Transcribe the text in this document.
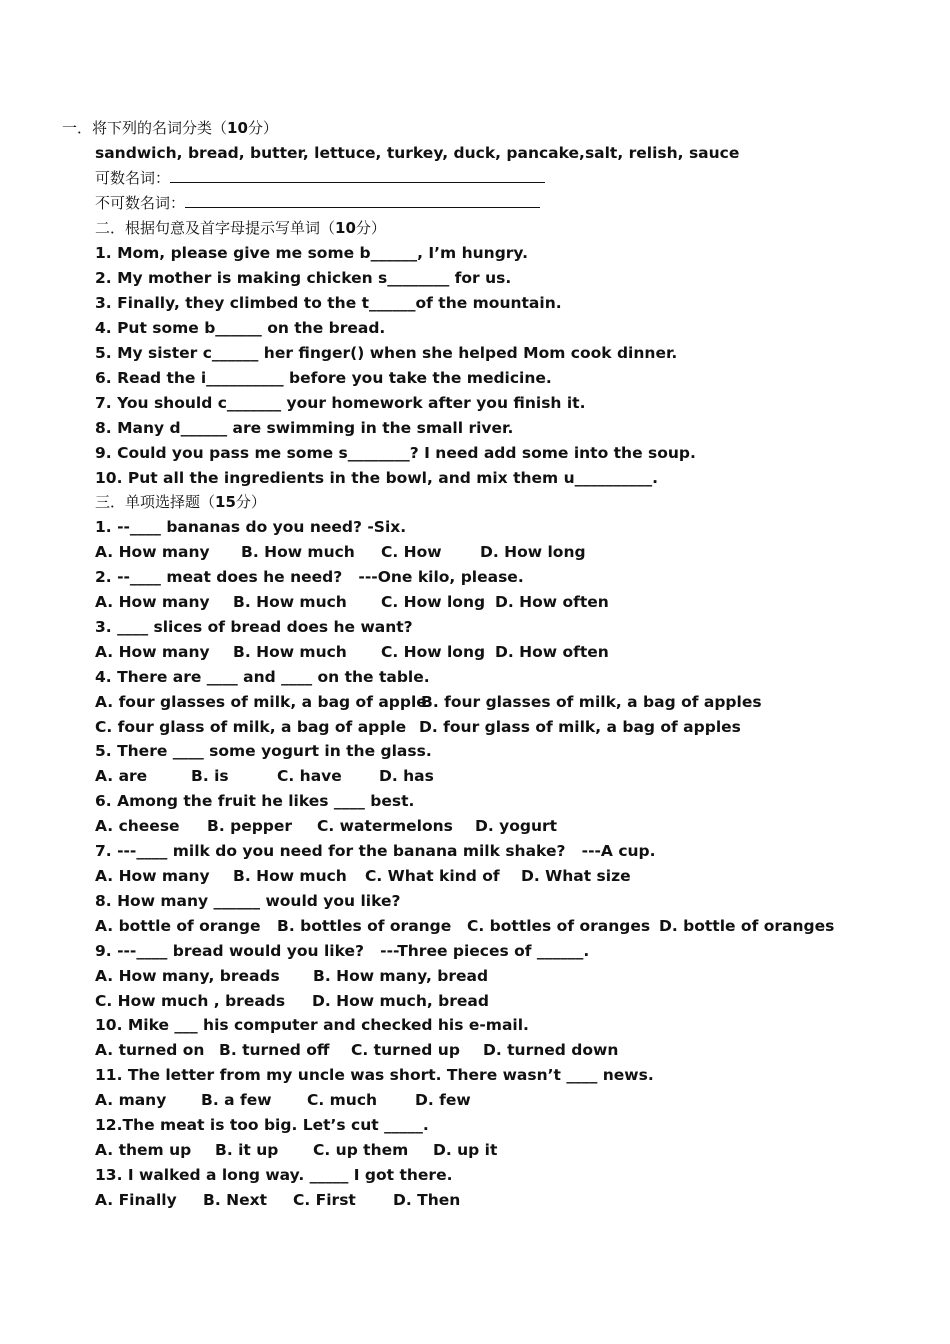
一．将下列的名词分类（10分）
sandwich, bread, butter, lettuce, turkey, duck, pancake,salt, relish, sauce
可数名词：
不可数名词：
二．根据句意及首字母提示写单词（10分）
1. Mom, please give me some b______, I’m hungry.
2. My mother is making chicken s________ for us.
3. Finally, they climbed to the t______of the mountain.
4. Put some b______ on the bread.
5. My sister c______ her finger() when she helped Mom cook dinner.
6. Read the i__________ before you take the medicine.
7. You should c_______ your homework after you finish it.
8. Many d______ are swimming in the small river.
9. Could you pass me some s________? I need add some into the soup.
10. Put all the ingredients in the bowl, and mix them u__________.
三．单项选择题（15分）
1. --____ bananas do you need? -Six.
A. How many B. How much C. How D. How long
2. --____ meat does he need?   ---One kilo, please.
A. How many B. How much C. How long D. How often
3. ____ slices of bread does he want?
A. How many B. How much C. How long D. How often
4. There are ____ and ____ on the table.
A. four glasses of milk, a bag of apple
B. four glasses of milk, a bag of apples
C. four glass of milk, a bag of apple D. four glass of milk, a bag of apples
5. There ____ some yogurt in the glass.
A. are	B. is	C. have D. has
6. Among the fruit he likes ____ best.
A. cheese B. pepper C. watermelons D. yogurt
7. ---____ milk do you need for the banana milk shake?   ---A cup.
A. How many B. How much C. What kind of D. What size
8. How many ______ would you like?
A. bottle of orange B. bottles of orange C. bottles of oranges D. bottle of oranges
9. ---____ bread would you like?   ---Three pieces of ______.
A. How many, breads B. How many, bread
C. How much , breads D. How much, bread
10. Mike ___ his computer and checked his e-mail.
A. turned on B. turned off C. turned up D. turned down
11. The letter from my uncle was short. There wasn’t ____ news.
A. many B. a few C. much D. few
12.The meat is too big. Let’s cut _____.
A. them up B. it up C. up them D. up it
13. I walked a long way. _____ I got there.
A. Finally B. Next C. First D. Then
